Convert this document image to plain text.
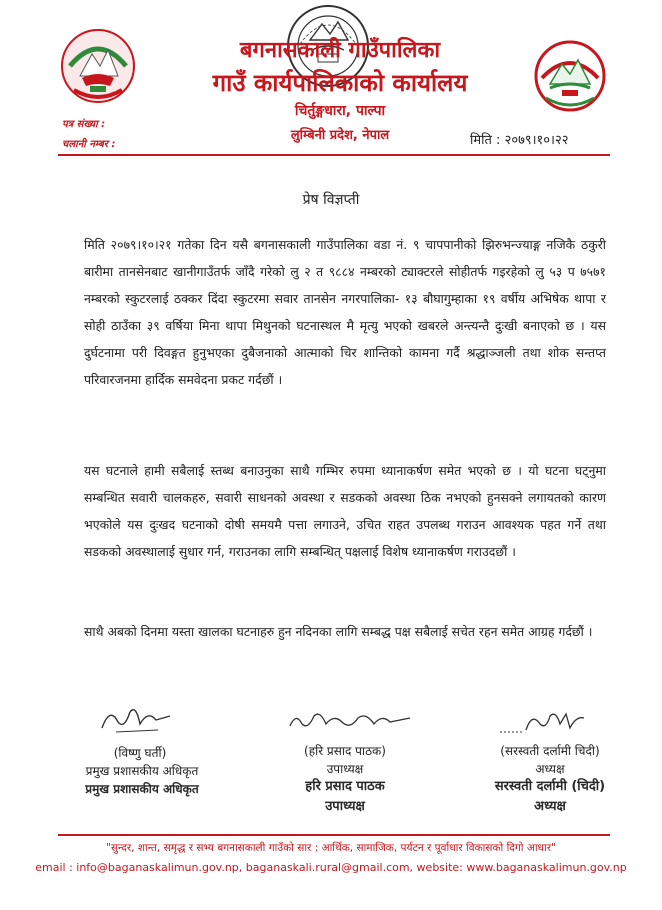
बगनासकाली गाउँपालिका
गाउँ कार्यपालिकाको कार्यालय
चिर्तुङ्गधारा, पाल्पा
लुम्बिनी प्रदेश, नेपाल
पत्र संख्या :
चलानी नम्बर :	मिति : २०७९।१०।२२
प्रेष विज्ञप्ती
मिति २०७९।१०।२१ गतेका दिन यसै बगनासकाली गाउँपालिका वडा नं. ९ चापपानीको झिरुभन्ज्याङ्ग नजिकै ठकुरी बारीमा तानसेनबाट खानीगाउँतर्फ जाँदै गरेको लु २ त ९८८४ नम्बरको ट्याक्टरले सोहीतर्फ गइरहेको लु ५३ प ७५७१ नम्बरको स्कुटरलाई ठक्कर दिंदा स्कुटरमा सवार तानसेन नगरपालिका- १३ बौघागुम्हाका १९ वर्षीय अभिषेक थापा र सोही ठाउँका ३९ वर्षिया मिना थापा मिथुनको घटनास्थल मै मृत्यु भएको खबरले अन्त्यन्तै दुःखी बनाएको छ । यस दुर्घटनामा परी दिवङ्गत हुनुभएका दुबैजनाको आत्माको चिर शान्तिको कामना गर्दै श्रद्धाञ्जली तथा शोक सन्तप्त परिवारजनमा हार्दिक समवेदना प्रकट गर्दछौं ।
यस घटनाले हामी सबैलाई स्तब्ध बनाउनुका साथै गम्भिर रुपमा ध्यानाकर्षण समेत भएको छ । यो घटना घट्नुमा सम्बन्धित सवारी चालकहरु, सवारी साधनको अवस्था र सडकको अवस्था ठिक नभएको हुनसक्ने लगायतको कारण भएकोले यस दुःखद घटनाको दोषी समयमै पत्ता लगाउने, उचित राहत उपलब्ध गराउन आवश्यक पहत गर्ने तथा सडकको अवस्थालाई सुधार गर्न, गराउनका लागि सम्बन्धित् पक्षलाई विशेष ध्यानाकर्षण गराउदछौं ।
साथै अबको दिनमा यस्ता खालका घटनाहरु हुन नदिनका लागि सम्बद्ध पक्ष सबैलाई सचेत रहन समेत आग्रह गर्दछौं ।
(विष्णु घर्ती)
प्रमुख प्रशासकीय अधिकृत
प्रमुख प्रशासकीय अधिकृत
(हरि प्रसाद पाठक)
उपाध्यक्ष
हरि प्रसाद पाठक
उपाध्यक्ष
(सरस्वती दर्लामी चिदी)
अध्यक्ष
सरस्वती दर्लामी (चिदी)
अध्यक्ष
"सुन्दर, शान्त, समृद्ध र सभ्य बगनासकाली गाउँको सार : आर्थिक, सामाजिक, पर्यटन र पूर्वाधार विकासको दिगो आधार"
email : info@baganaskalimun.gov.np, baganaskali.rural@gmail.com, website: www.baganaskalimun.gov.np
